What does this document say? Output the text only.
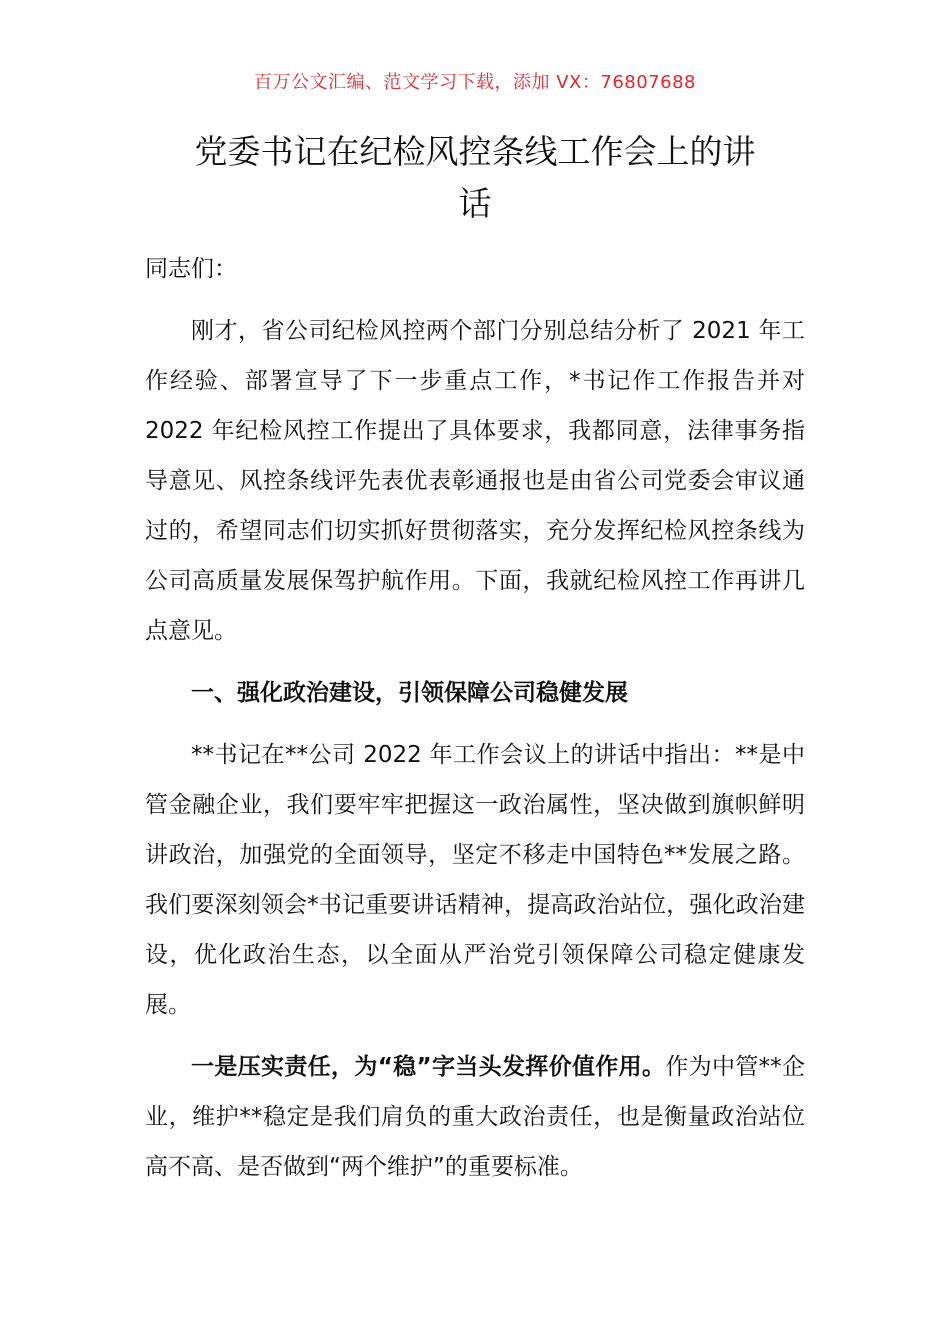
百万公文汇编、范文学习下载，添加 VX：76807688
党委书记在纪检风控条线工作会上的讲
话

同志们：

刚才，省公司纪检风控两个部门分别总结分析了 2021 年工作经验、部署宣导了下一步重点工作，*书记作工作报告并对 2022 年纪检风控工作提出了具体要求，我都同意，法律事务指导意见、风控条线评先表优表彰通报也是由省公司党委会审议通过的，希望同志们切实抓好贯彻落实，充分发挥纪检风控条线为公司高质量发展保驾护航作用。下面，我就纪检风控工作再讲几点意见。

一、强化政治建设，引领保障公司稳健发展

**书记在**公司 2022 年工作会议上的讲话中指出：**是中管金融企业，我们要牢牢把握这一政治属性，坚决做到旗帜鲜明讲政治，加强党的全面领导，坚定不移走中国特色**发展之路。我们要深刻领会*书记重要讲话精神，提高政治站位，强化政治建设，优化政治生态，以全面从严治党引领保障公司稳定健康发展。

一是压实责任，为“稳”字当头发挥价值作用。作为中管**企业，维护**稳定是我们肩负的重大政治责任，也是衡量政治站位高不高、是否做到“两个维护”的重要标准。
